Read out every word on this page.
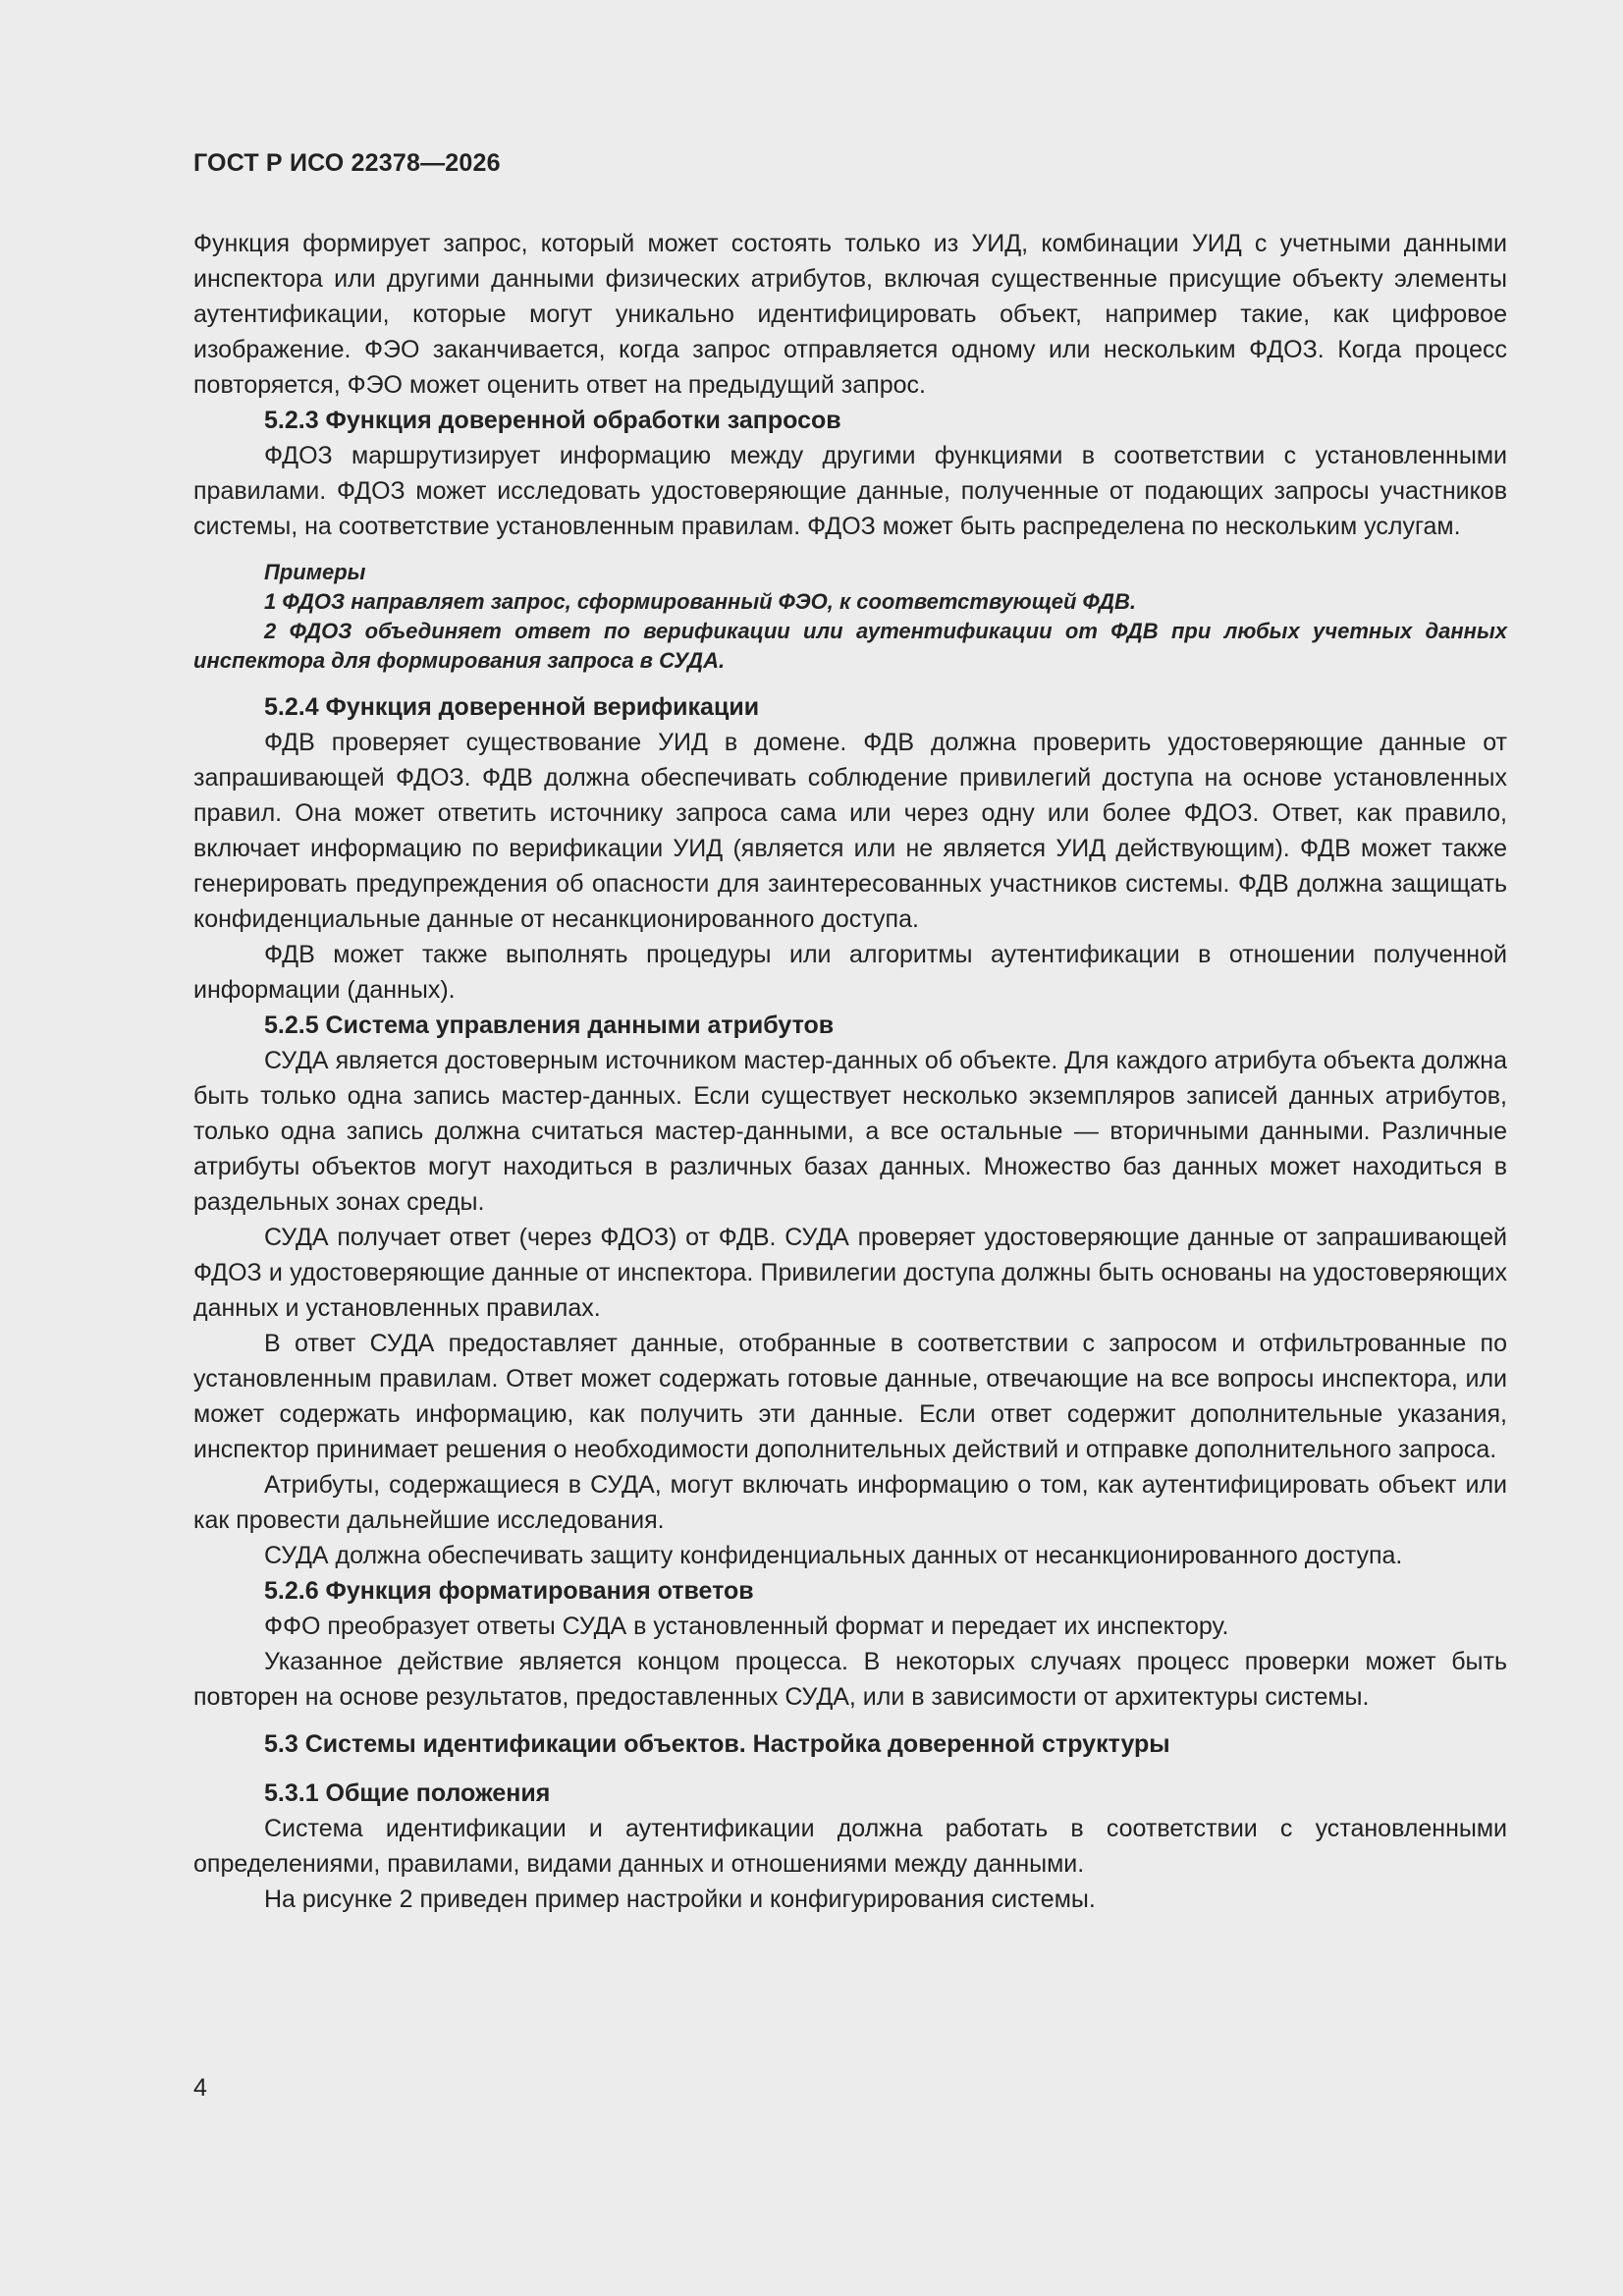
ГОСТ Р ИСО 22378—2026

Функция формирует запрос, который может состоять только из УИД, комбинации УИД с учетными данными инспектора или другими данными физических атрибутов, включая существенные присущие объекту элементы аутентификации, которые могут уникально идентифицировать объект, например такие, как цифровое изображение. ФЭО заканчивается, когда запрос отправляется одному или нескольким ФДОЗ. Когда процесс повторяется, ФЭО может оценить ответ на предыдущий запрос.

5.2.3 Функция доверенной обработки запросов

ФДОЗ маршрутизирует информацию между другими функциями в соответствии с установленными правилами. ФДОЗ может исследовать удостоверяющие данные, полученные от подающих запросы участников системы, на соответствие установленным правилам. ФДОЗ может быть распределена по нескольким услугам.

Примеры

1 ФДОЗ направляет запрос, сформированный ФЭО, к соответствующей ФДВ.

2 ФДОЗ объединяет ответ по верификации или аутентификации от ФДВ при любых учетных данных инспектора для формирования запроса в СУДА.

5.2.4 Функция доверенной верификации

ФДВ проверяет существование УИД в домене. ФДВ должна проверить удостоверяющие данные от запрашивающей ФДОЗ. ФДВ должна обеспечивать соблюдение привилегий доступа на основе установленных правил. Она может ответить источнику запроса сама или через одну или более ФДОЗ. Ответ, как правило, включает информацию по верификации УИД (является или не является УИД действующим). ФДВ может также генерировать предупреждения об опасности для заинтересованных участников системы. ФДВ должна защищать конфиденциальные данные от несанкционированного доступа.

ФДВ может также выполнять процедуры или алгоритмы аутентификации в отношении полученной информации (данных).

5.2.5 Система управления данными атрибутов

СУДА является достоверным источником мастер-данных об объекте. Для каждого атрибута объекта должна быть только одна запись мастер-данных. Если существует несколько экземпляров записей данных атрибутов, только одна запись должна считаться мастер-данными, а все остальные — вторичными данными. Различные атрибуты объектов могут находиться в различных базах данных. Множество баз данных может находиться в раздельных зонах среды.

СУДА получает ответ (через ФДОЗ) от ФДВ. СУДА проверяет удостоверяющие данные от запрашивающей ФДОЗ и удостоверяющие данные от инспектора. Привилегии доступа должны быть основаны на удостоверяющих данных и установленных правилах.

В ответ СУДА предоставляет данные, отобранные в соответствии с запросом и отфильтрованные по установленным правилам. Ответ может содержать готовые данные, отвечающие на все вопросы инспектора, или может содержать информацию, как получить эти данные. Если ответ содержит дополнительные указания, инспектор принимает решения о необходимости дополнительных действий и отправке дополнительного запроса.

Атрибуты, содержащиеся в СУДА, могут включать информацию о том, как аутентифицировать объект или как провести дальнейшие исследования.

СУДА должна обеспечивать защиту конфиденциальных данных от несанкционированного доступа.

5.2.6 Функция форматирования ответов

ФФО преобразует ответы СУДА в установленный формат и передает их инспектору.

Указанное действие является концом процесса. В некоторых случаях процесс проверки может быть повторен на основе результатов, предоставленных СУДА, или в зависимости от архитектуры системы.

5.3 Системы идентификации объектов. Настройка доверенной структуры
5.3.1 Общие положения

Система идентификации и аутентификации должна работать в соответствии с установленными определениями, правилами, видами данных и отношениями между данными.

На рисунке 2 приведен пример настройки и конфигурирования системы.

4
